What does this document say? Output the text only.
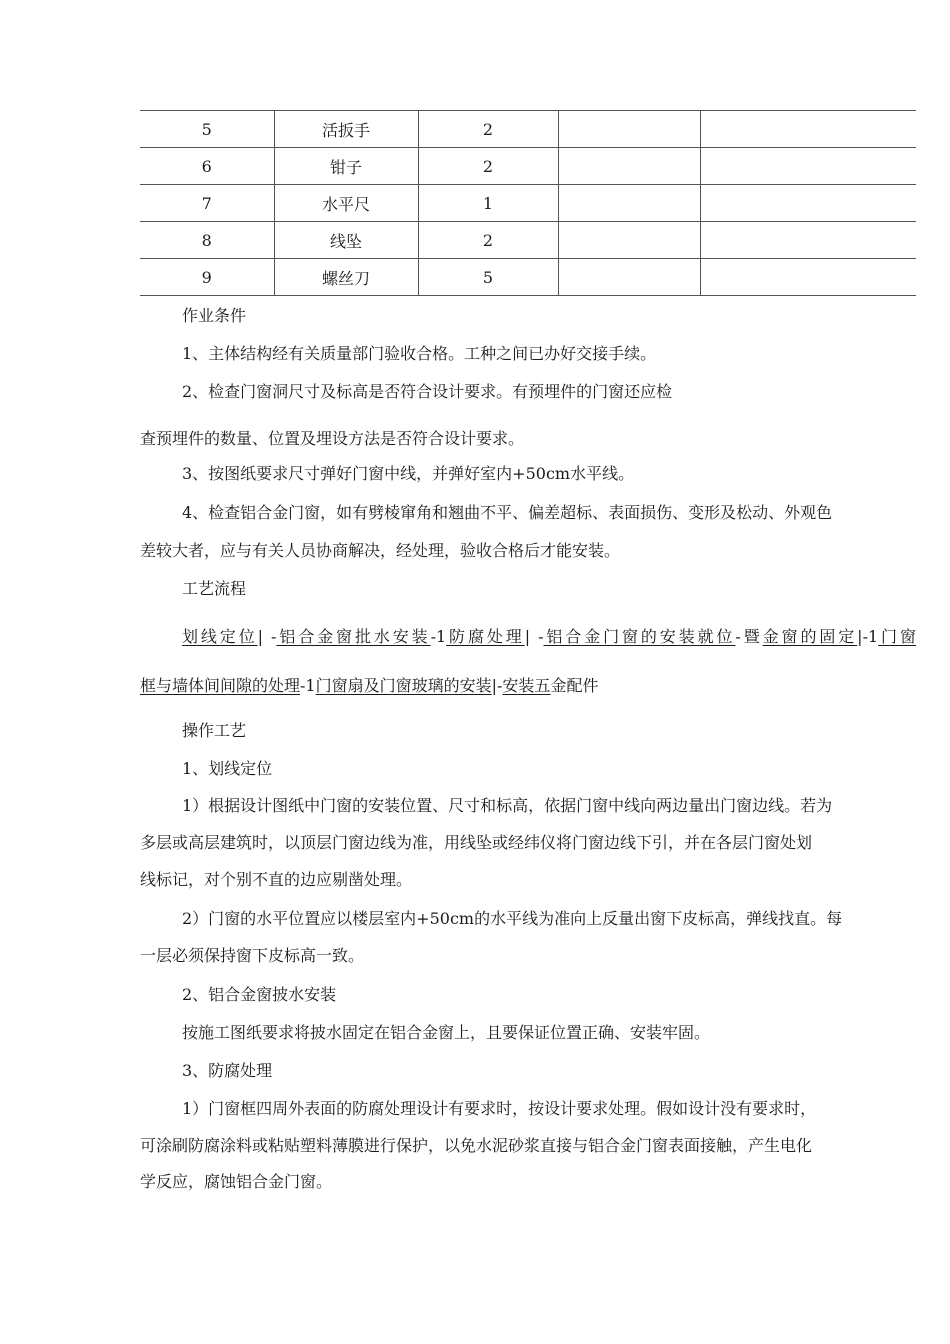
5	活扳手	2		
6	钳子	2		
7	水平尺	1		
8	线坠	2		
9	螺丝刀	5		

作业条件

1、主体结构经有关质量部门验收合格。工种之间已办好交接手续。

2、检查门窗洞尺寸及标高是否符合设计要求。有预埋件的门窗还应检

查预埋件的数量、位置及埋设方法是否符合设计要求。

3、按图纸要求尺寸弹好门窗中线，并弹好室内+50cm水平线。

4、检查铝合金门窗，如有劈棱窜角和翘曲不平、偏差超标、表面损伤、变形及松动、外观色

差较大者，应与有关人员协商解决，经处理，验收合格后才能安装。

工艺流程

划线定位| -铝合金窗批水安装-1防腐处理| -铝合金门窗的安装就位-暨金窗的固定|-1门窗

框与墙体间间隙的处理-1门窗扇及门窗玻璃的安装|-安装五金配件

操作工艺

1、划线定位

1）根据设计图纸中门窗的安装位置、尺寸和标高，依据门窗中线向两边量出门窗边线。若为

多层或高层建筑时，以顶层门窗边线为准，用线坠或经纬仪将门窗边线下引，并在各层门窗处划

线标记，对个别不直的边应剔凿处理。

2）门窗的水平位置应以楼层室内+50cm的水平线为准向上反量出窗下皮标高，弹线找直。每

一层必须保持窗下皮标高一致。

2、铝合金窗披水安装

按施工图纸要求将披水固定在铝合金窗上，且要保证位置正确、安装牢固。

3、防腐处理

1）门窗框四周外表面的防腐处理设计有要求时，按设计要求处理。假如设计没有要求时，

可涂刷防腐涂料或粘贴塑料薄膜进行保护，以免水泥砂浆直接与铝合金门窗表面接触，产生电化

学反应，腐蚀铝合金门窗。
